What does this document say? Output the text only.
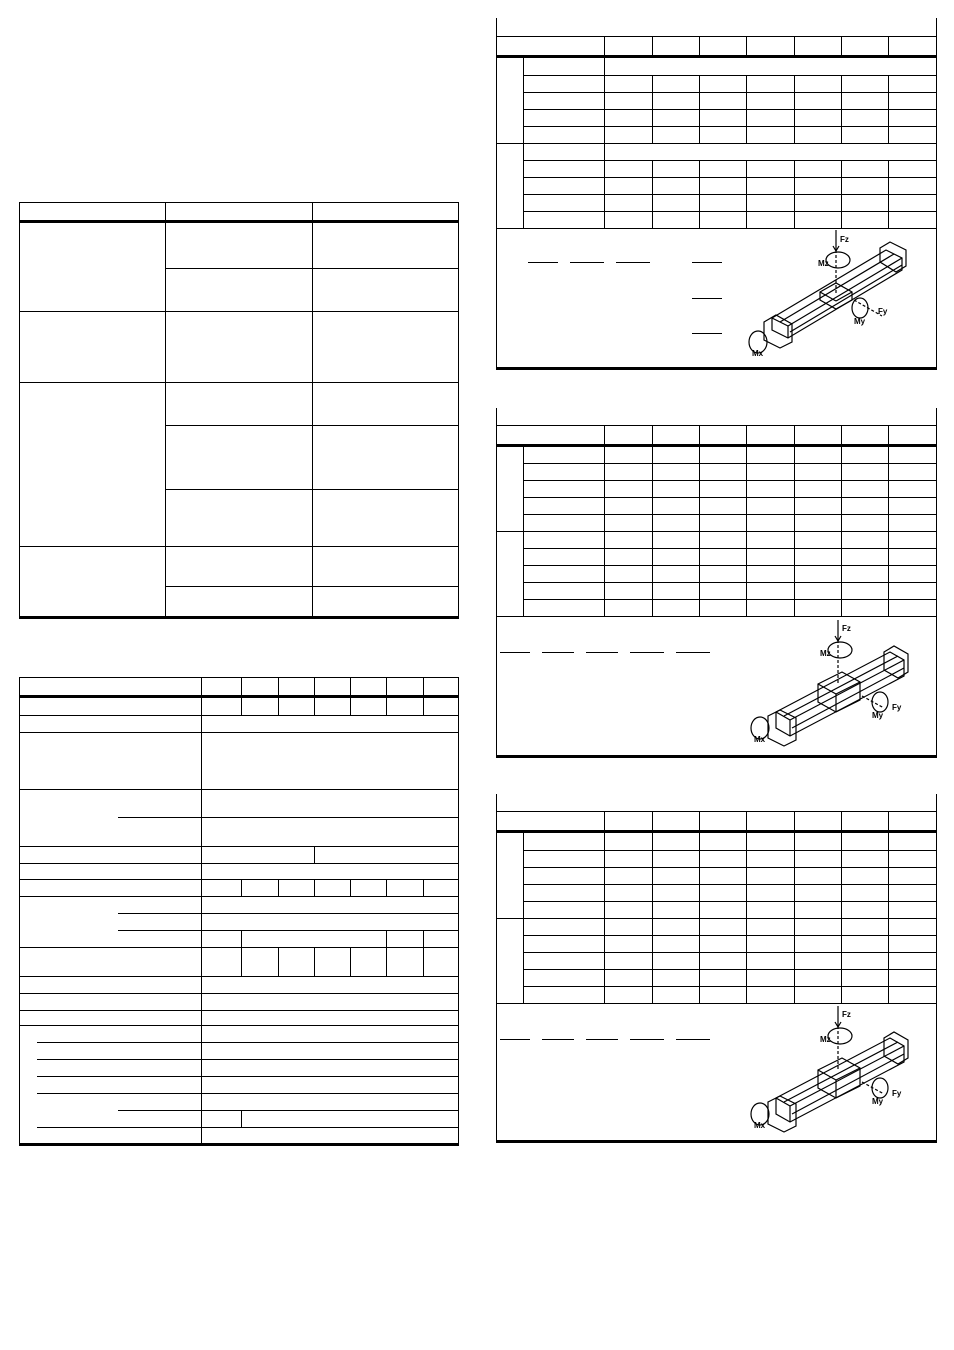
Fz
Mz
My
Fy
Mx
Fz
Mz
My
Fy
Mx
Fz
Mz
My
Fy
Mx
